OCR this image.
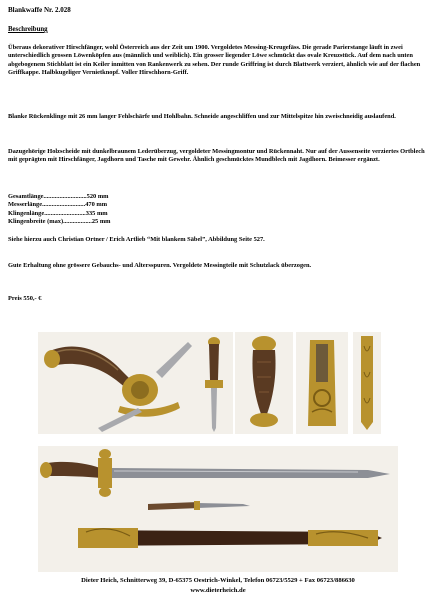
Blankwaffe Nr. 2.028
Beschreibung
Überaus dekorativer Hirschfänger, wohl Österreich aus der Zeit um 1900. Vergoldetes Messing-Kreugefäss. Die gerade Parierstange läuft in zwei unterschiedlich grossen Löwenköpfen aus (männlich und weiblich). Ein grosser liegender Löwe schmückt das ovale Kreuzstück. Auf dem nach unten abgebogenem Stichblatt ist ein Keiler inmitten von Rankenwerk zu sehen. Der runde Griffring ist durch Blattwerk verziert, ähnlich wie auf der flachen Griffkappe. Halbkugeliger Vernietknopf. Voller Hirschhorn-Griff.
Blanke Rückenklinge mit 26 mm langer Fehlschärfe und Hohlbahn. Schneide angeschliffen und zur Mittelspitze hin zweischneidig auslaufend.
Dazugehörige Holzscheide mit dunkelbraunem Lederüberzug, vergoldeter Messingmontur und Rückennaht. Nur auf der Aussenseite verziertes Ortblech mit geprägten mit Hirschfänger, Jagdhorn und Tasche mit Gewehr. Ähnlich geschmücktes Mundblech mit Jagdhorn. Beimesser ergänzt.
Gesamtlänge...........................520 mm
Messerlänge...........................470 mm
Klingenlänge..........................335 mm
Klingenbreite (max)..................25 mm
Siehe hierzu auch Christian Ortner / Erich Artlieb “Mit blankem Säbel”, Abbildung Seite 527.
Gute Erhaltung ohne grössere Gebauchs- und Altersspuren. Vergoldete Messingteile mit Schutzlack überzogen.
Preis 550,- €
Dieter Heich, Schnitterweg 39, D-65375 Oestrich-Winkel, Telefon 06723/5529 + Fax 06723/886630
www.dieterheich.de
